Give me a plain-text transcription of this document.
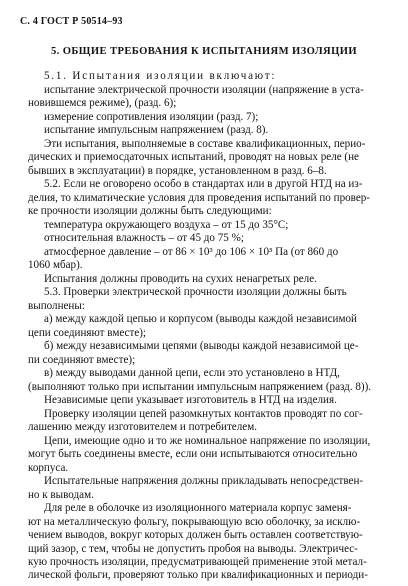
С. 4 ГОСТ Р 50514–93
5. ОБЩИЕ ТРЕБОВАНИЯ К ИСПЫТАНИЯМ ИЗОЛЯЦИИ
5.1. Испытания изоляции включают:
испытание электрической прочности изоляции (напряжение в уста-
новившемся режиме), (разд. 6);
измерение сопротивления изоляции (разд. 7);
испытание импульсным напряжением (разд. 8).
Эти испытания, выполняемые в составе квалификационных, перио-
дических и приемосдаточных испытаний, проводят на новых реле (не
бывших в эксплуатации) в порядке, установленном в разд. 6–8.
5.2. Если не оговорено особо в стандартах или в другой НТД на из-
делия, то климатические условия для проведения испытаний по провер-
ке прочности изоляции должны быть следующими:
температура окружающего воздуха – от 15 до 35°С;
относительная влажность – от 45 до 75 %;
атмосферное давление – от 86 × 10³ до 106 × 10³ Па (от 860 до
1060 мбар).
Испытания должны проводить на сухих ненагретых реле.
5.3. Проверки электрической прочности изоляции должны быть
выполнены:
а) между каждой цепью и корпусом (выводы каждой независимой
цепи соединяют вместе);
б) между независимыми цепями (выводы каждой независимой це-
пи соединяют вместе);
в) между выводами данной цепи, если это установлено в НТД,
(выполняют только при испытании импульсным напряжением (разд. 8)).
Независимые цепи указывает изготовитель в НТД на изделия.
Проверку изоляции цепей разомкнутых контактов проводят по сог-
лашению между изготовителем и потребителем.
Цепи, имеющие одно и то же номинальное напряжение по изоляции,
могут быть соединены вместе, если они испытываются относительно
корпуса.
Испытательные напряжения должны прикладывать непосредствен-
но к выводам.
Для реле в оболочке из изоляционного материала корпус заменя-
ют на металлическую фольгу, покрывающую всю оболочку, за исклю-
чением выводов, вокруг которых должен быть оставлен соответствую-
щий зазор, с тем, чтобы не допустить пробоя на выводы. Электричес-
кую прочность изоляции, предусматривающей применение этой метал-
лической фольги, проверяют только при квалификационных и периоди-
